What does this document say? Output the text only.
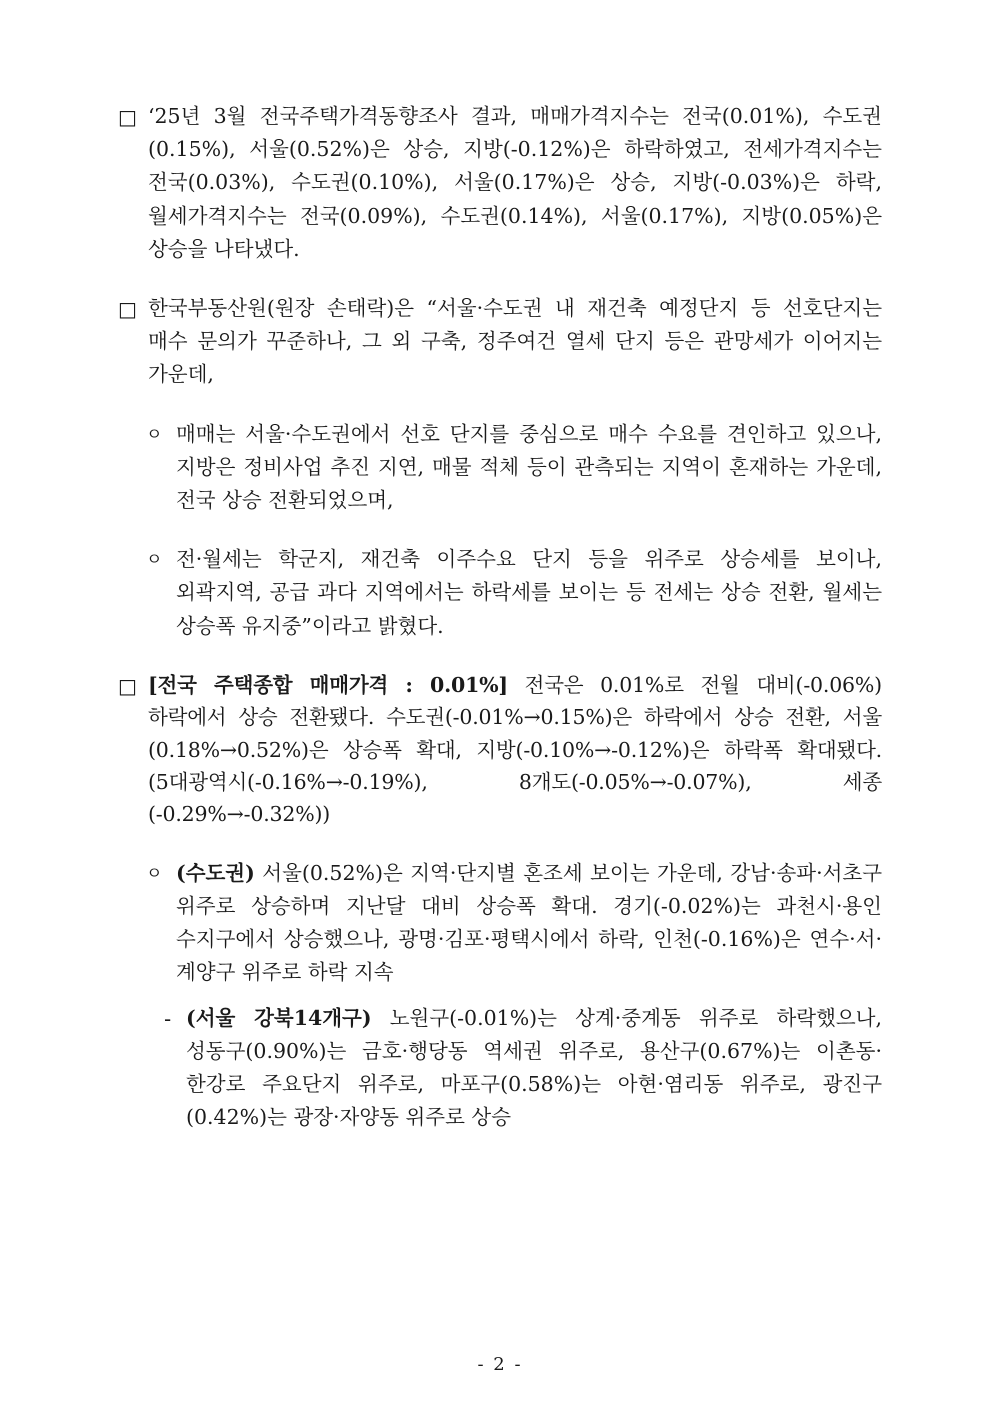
□ ‘25년 3월 전국주택가격동향조사 결과, 매매가격지수는 전국(0.01%), 수도권(0.15%), 서울(0.52%)은 상승, 지방(-0.12%)은 하락하였고, 전세가격지수는 전국(0.03%), 수도권(0.10%), 서울(0.17%)은 상승, 지방(-0.03%)은 하락, 월세가격지수는 전국(0.09%), 수도권(0.14%), 서울(0.17%), 지방(0.05%)은 상승을 나타냈다.
□ 한국부동산원(원장 손태락)은 “서울·수도권 내 재건축 예정단지 등 선호단지는 매수 문의가 꾸준하나, 그 외 구축, 정주여건 열세 단지 등은 관망세가 이어지는 가운데,
ㅇ 매매는 서울·수도권에서 선호 단지를 중심으로 매수 수요를 견인하고 있으나, 지방은 정비사업 추진 지연, 매물 적체 등이 관측되는 지역이 혼재하는 가운데, 전국 상승 전환되었으며,
ㅇ 전·월세는 학군지, 재건축 이주수요 단지 등을 위주로 상승세를 보이나, 외곽지역, 공급 과다 지역에서는 하락세를 보이는 등 전세는 상승 전환, 월세는 상승폭 유지중”이라고 밝혔다.
□ [전국 주택종합 매매가격 : 0.01%] 전국은 0.01%로 전월 대비(-0.06%) 하락에서 상승 전환됐다. 수도권(-0.01%→0.15%)은 하락에서 상승 전환, 서울(0.18%→0.52%)은 상승폭 확대, 지방(-0.10%→-0.12%)은 하락폭 확대됐다. (5대광역시(-0.16%→-0.19%), 8개도(-0.05%→-0.07%), 세종(-0.29%→-0.32%))
ㅇ (수도권) 서울(0.52%)은 지역·단지별 혼조세 보이는 가운데, 강남·송파·서초구 위주로 상승하며 지난달 대비 상승폭 확대. 경기(-0.02%)는 과천시·용인 수지구에서 상승했으나, 광명·김포·평택시에서 하락, 인천(-0.16%)은 연수·서·계양구 위주로 하락 지속
- (서울 강북14개구) 노원구(-0.01%)는 상계·중계동 위주로 하락했으나, 성동구(0.90%)는 금호·행당동 역세권 위주로, 용산구(0.67%)는 이촌동·한강로 주요단지 위주로, 마포구(0.58%)는 아현·염리동 위주로, 광진구(0.42%)는 광장·자양동 위주로 상승
- 2 -
